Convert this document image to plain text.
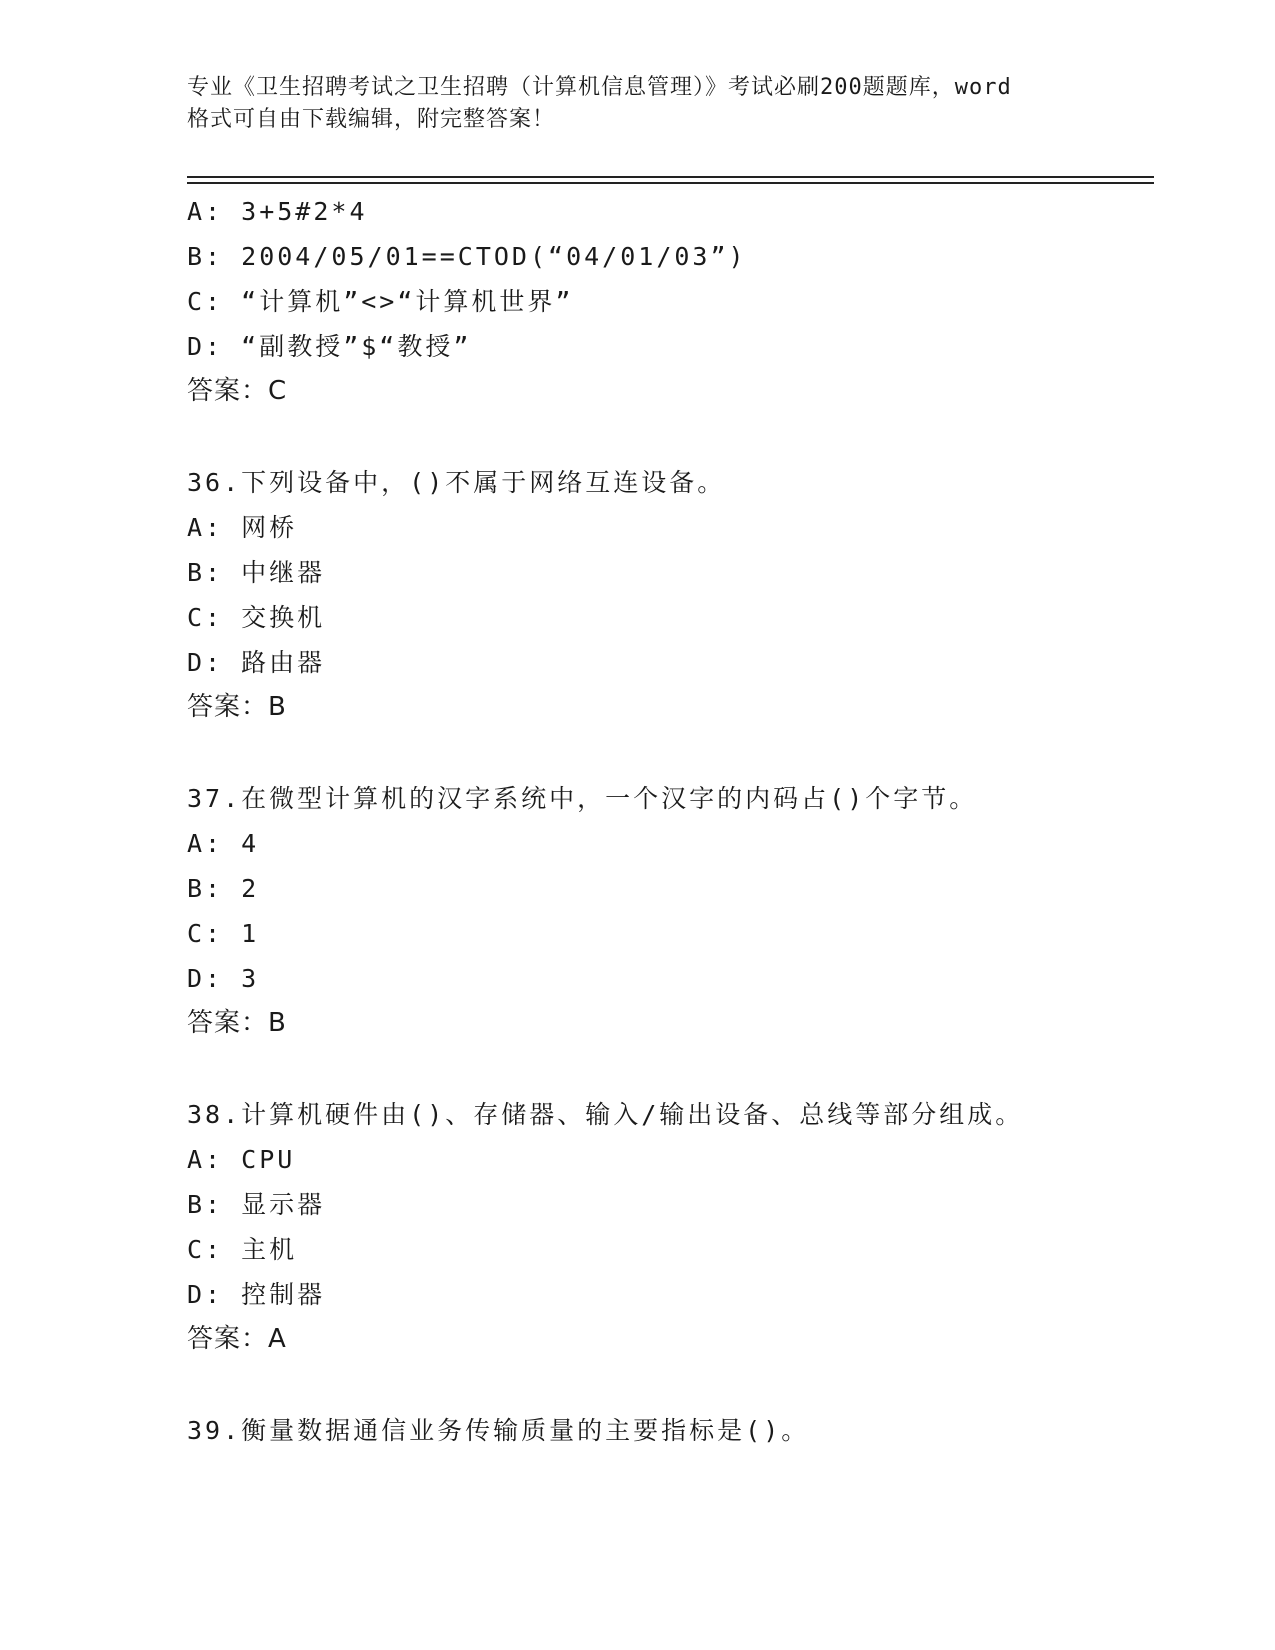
专业《卫生招聘考试之卫生招聘（计算机信息管理）》考试必刷200题题库，word
格式可自由下载编辑，附完整答案！
A: 3+5#2*4
B: 2004/05/01==CTOD(“04/01/03”)
C: “计算机”<>“计算机世界”
D: “副教授”$“教授”
答案：C
36.下列设备中，()不属于网络互连设备。
A: 网桥
B: 中继器
C: 交换机
D: 路由器
答案：B
37.在微型计算机的汉字系统中，一个汉字的内码占()个字节。
A: 4
B: 2
C: 1
D: 3
答案：B
38.计算机硬件由()、存储器、输入/输出设备、总线等部分组成。
A: CPU
B: 显示器
C: 主机
D: 控制器
答案：A
39.衡量数据通信业务传输质量的主要指标是()。
